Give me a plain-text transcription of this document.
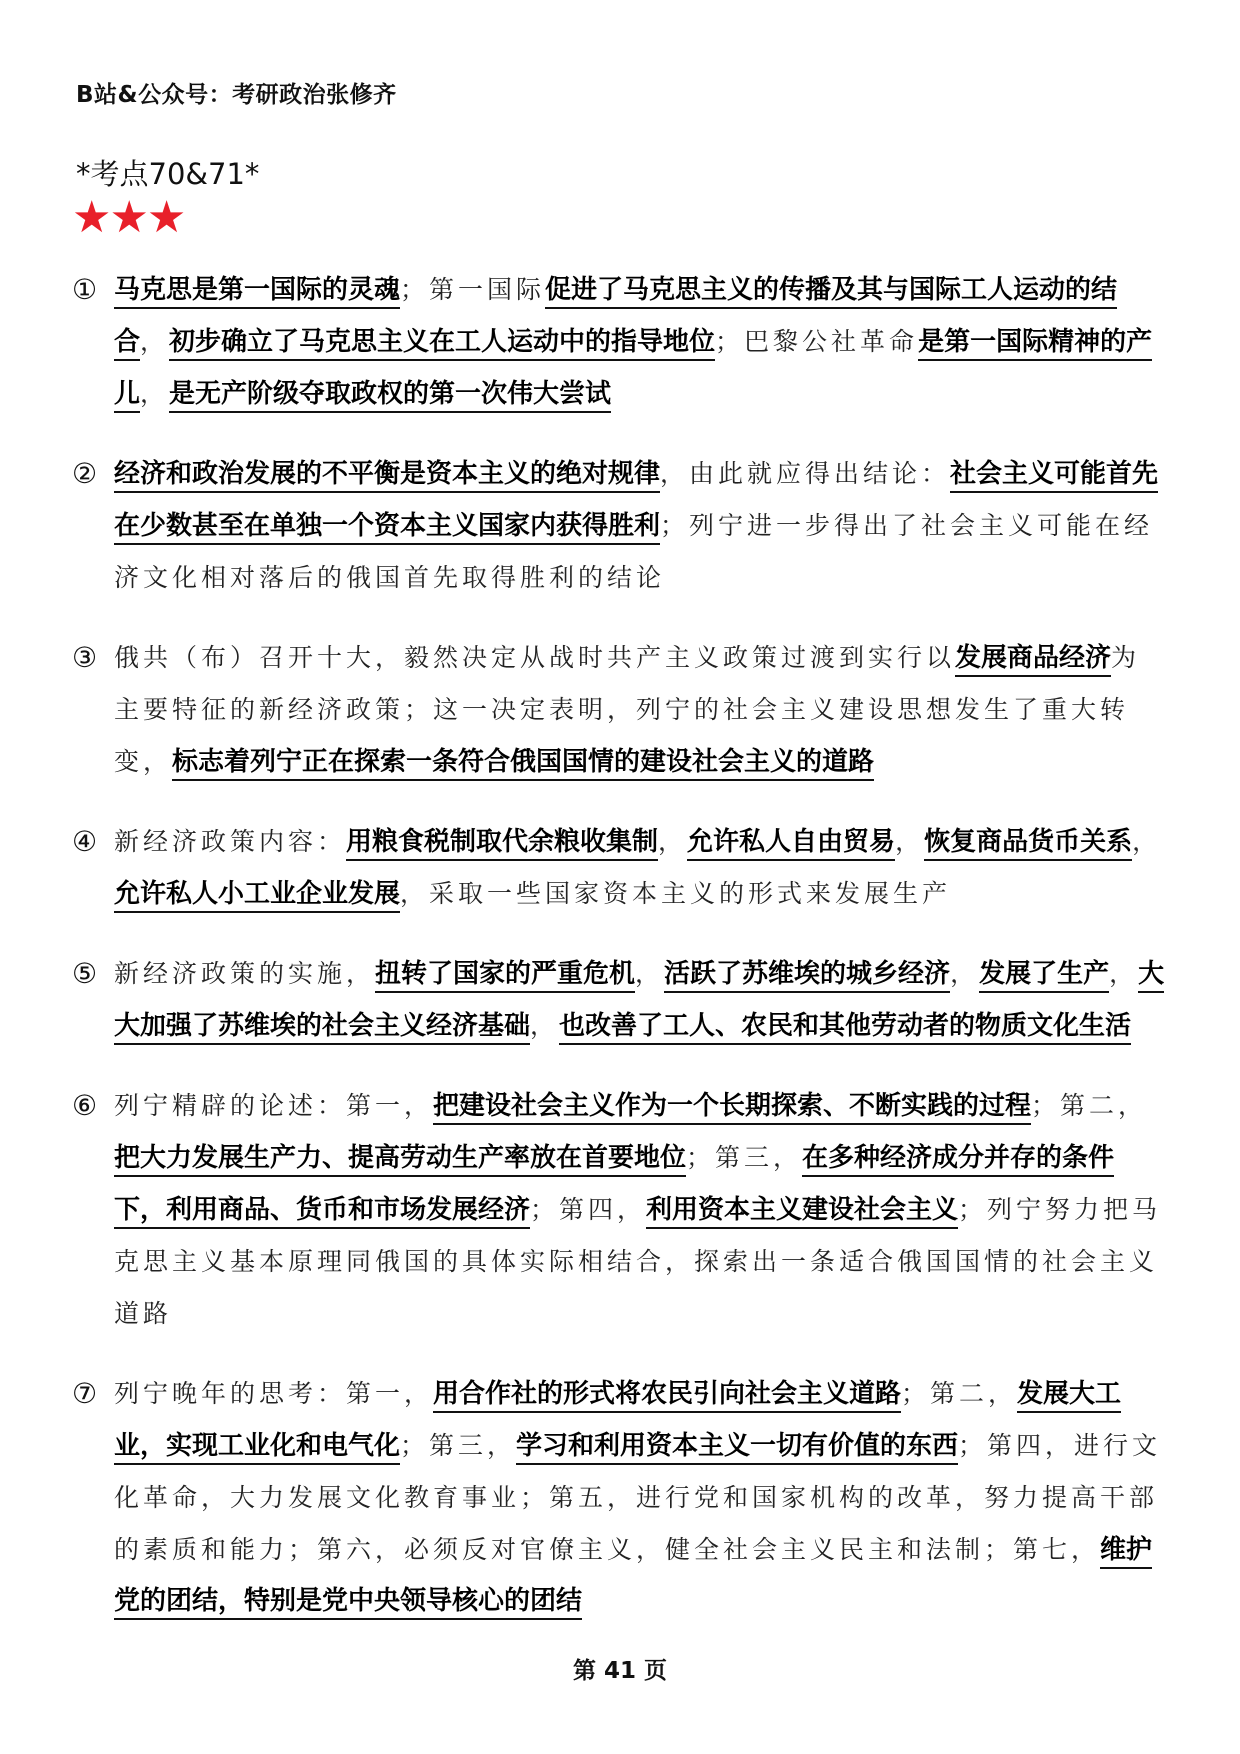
B站&公众号：考研政治张修齐
*考点70&71*
★★★
① 马克思是第一国际的灵魂；第一国际促进了马克思主义的传播及其与国际工人运动的结合，初步确立了马克思主义在工人运动中的指导地位；巴黎公社革命是第一国际精神的产儿，是无产阶级夺取政权的第一次伟大尝试
② 经济和政治发展的不平衡是资本主义的绝对规律，由此就应得出结论：社会主义可能首先在少数甚至在单独一个资本主义国家内获得胜利；列宁进一步得出了社会主义可能在经济文化相对落后的俄国首先取得胜利的结论
③ 俄共（布）召开十大，毅然决定从战时共产主义政策过渡到实行以发展商品经济为主要特征的新经济政策；这一决定表明，列宁的社会主义建设思想发生了重大转变，标志着列宁正在探索一条符合俄国国情的建设社会主义的道路
④ 新经济政策内容：用粮食税制取代余粮收集制，允许私人自由贸易，恢复商品货币关系，允许私人小工业企业发展，采取一些国家资本主义的形式来发展生产
⑤ 新经济政策的实施，扭转了国家的严重危机，活跃了苏维埃的城乡经济，发展了生产，大大加强了苏维埃的社会主义经济基础，也改善了工人、农民和其他劳动者的物质文化生活
⑥ 列宁精辟的论述：第一，把建设社会主义作为一个长期探索、不断实践的过程；第二，把大力发展生产力、提高劳动生产率放在首要地位；第三，在多种经济成分并存的条件下，利用商品、货币和市场发展经济；第四，利用资本主义建设社会主义；列宁努力把马克思主义基本原理同俄国的具体实际相结合，探索出一条适合俄国国情的社会主义道路
⑦ 列宁晚年的思考：第一，用合作社的形式将农民引向社会主义道路；第二，发展大工业，实现工业化和电气化；第三，学习和利用资本主义一切有价值的东西；第四，进行文化革命，大力发展文化教育事业；第五，进行党和国家机构的改革，努力提高干部的素质和能力；第六，必须反对官僚主义，健全社会主义民主和法制；第七，维护党的团结，特别是党中央领导核心的团结
第 41 页
